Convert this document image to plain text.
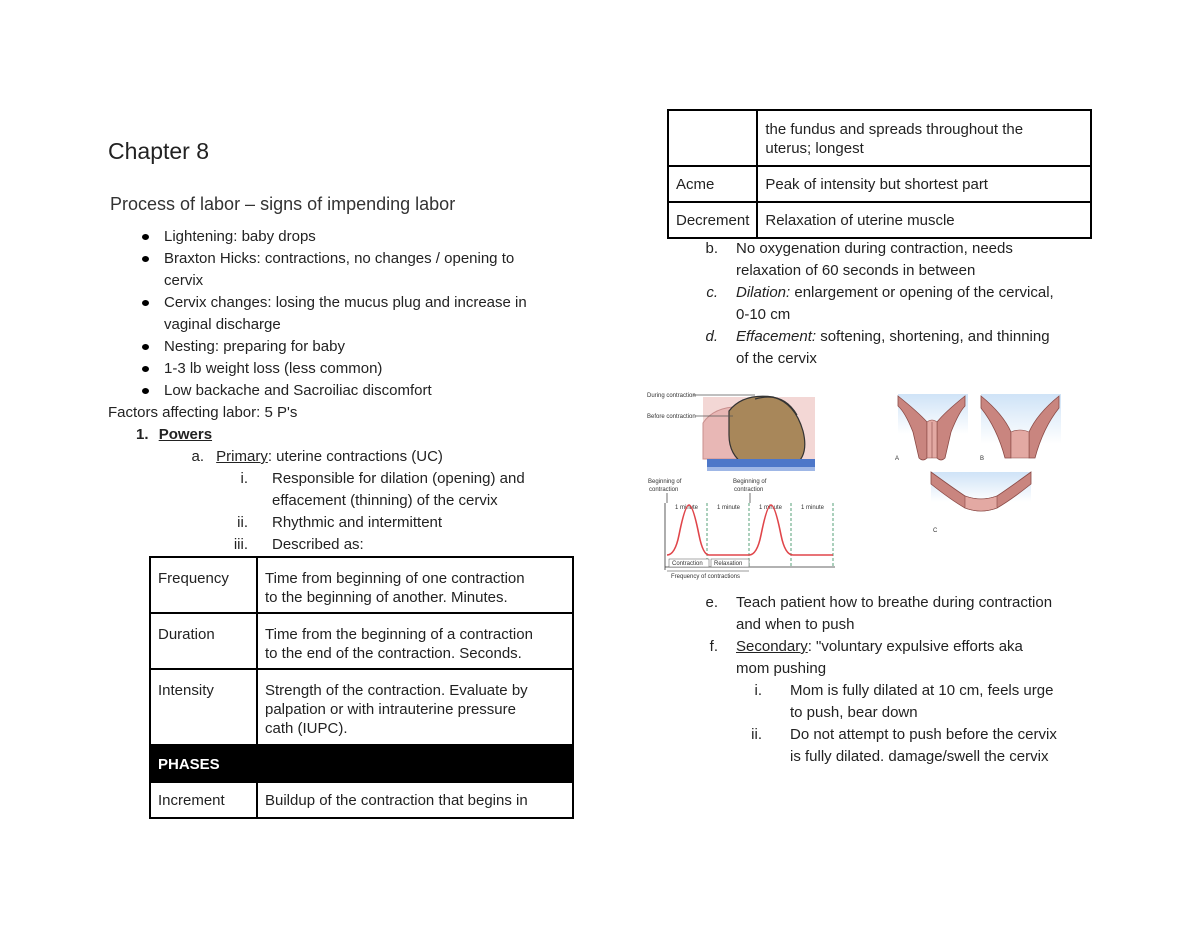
Chapter 8
Process of labor – signs of impending labor
Lightening: baby drops
Braxton Hicks: contractions, no changes / opening to
cervix
Cervix changes: losing the mucus plug and increase in
vaginal discharge
Nesting: preparing for baby
1-3 lb weight loss (less common)
Low backache and Sacroiliac discomfort
Factors affecting labor: 5 P's
1. Powers
a. Primary: uterine contractions (UC)
i. Responsible for dilation (opening) and
effacement (thinning) of the cervix
ii. Rhythmic and intermittent
iii. Described as:
Frequency	Time from beginning of one contraction
to the beginning of another. Minutes.
Duration	Time from the beginning of a contraction
to the end of the contraction. Seconds.
Intensity	Strength of the contraction. Evaluate by
palpation or with intrauterine pressure
cath (IUPC).
PHASES	
Increment	Buildup of the contraction that begins in
	the fundus and spreads throughout the
uterus; longest
Acme	Peak of intensity but shortest part
Decrement	Relaxation of uterine muscle
b. No oxygenation during contraction, needs
relaxation of 60 seconds in between
c. Dilation: enlargement or opening of the cervical,
0-10 cm
d. Effacement: softening, shortening, and thinning
of the cervix
During contraction
Before contraction
Beginning of
contraction
Beginning of
contraction
1 minute	1 minute	1 minute	1 minute
Contraction Relaxation
Frequency of contractions
A	B
C
e. Teach patient how to breathe during contraction
and when to push
f. Secondary: "voluntary expulsive efforts aka
mom pushing
i. Mom is fully dilated at 10 cm, feels urge
to push, bear down
ii. Do not attempt to push before the cervix
is fully dilated. damage/swell the cervix
